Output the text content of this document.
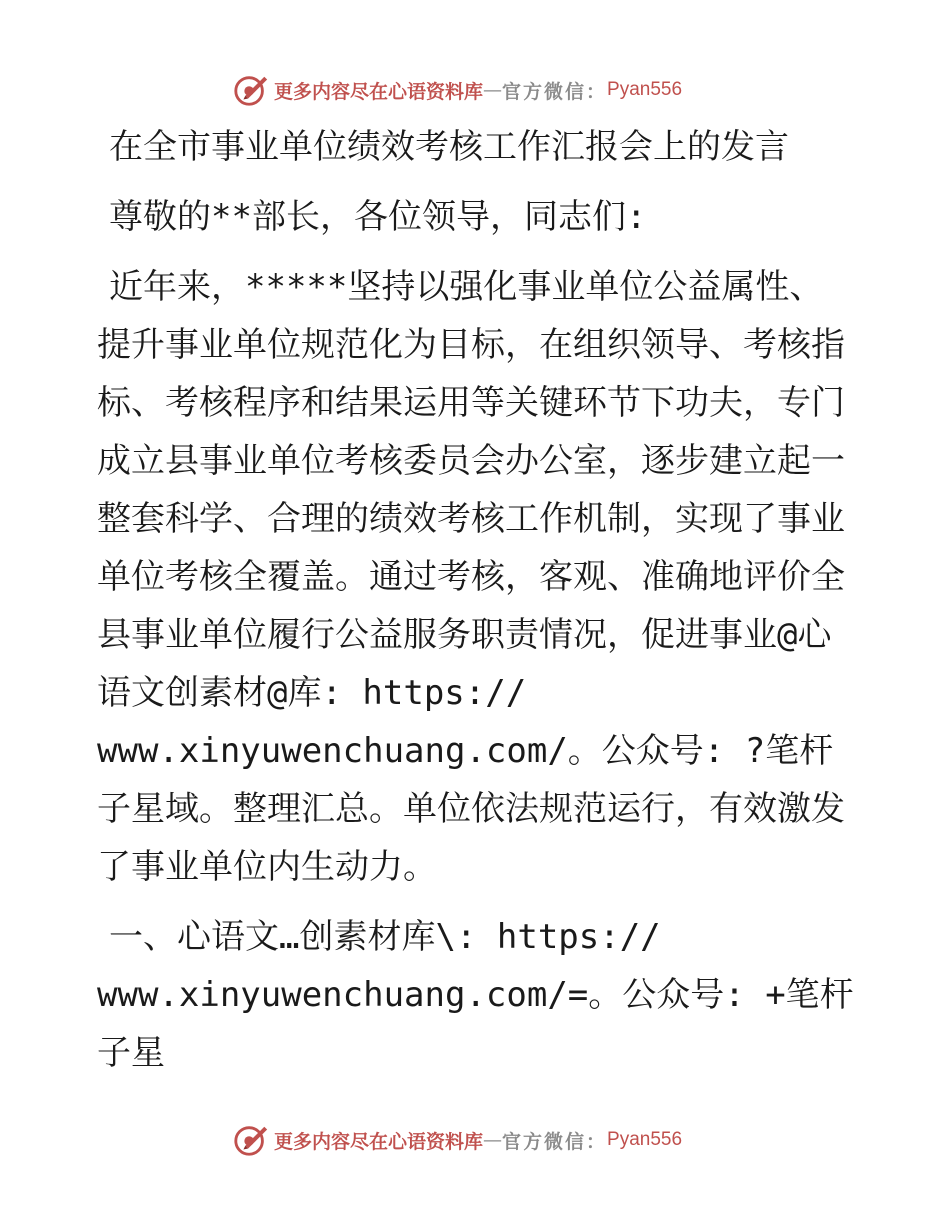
更多内容尽在心语资料库 — 官方微信： Pyan556

在全市事业单位绩效考核工作汇报会上的发言

尊敬的**部长，各位领导，同志们:

近年来，*****坚持以强化事业单位公益属性、提升事业单位规范化为目标，在组织领导、考核指标、考核程序和结果运用等关键环节下功夫，专门成立县事业单位考核委员会办公室，逐步建立起一整套科学、合理的绩效考核工作机制，实现了事业单位考核全覆盖。通过考核，客观、准确地评价全县事业单位履行公益服务职责情况，促进事业@心语文创素材@库: https://

www.xinyuwenchuang.com/。公众号: ?笔杆子星域。整理汇总。单位依法规范运行，有效激发了事业单位内生动力。

一、心语文…创素材库\: https://

www.xinyuwenchuang.com/=。公众号: +笔杆子星

更多内容尽在心语资料库 — 官方微信： Pyan556
